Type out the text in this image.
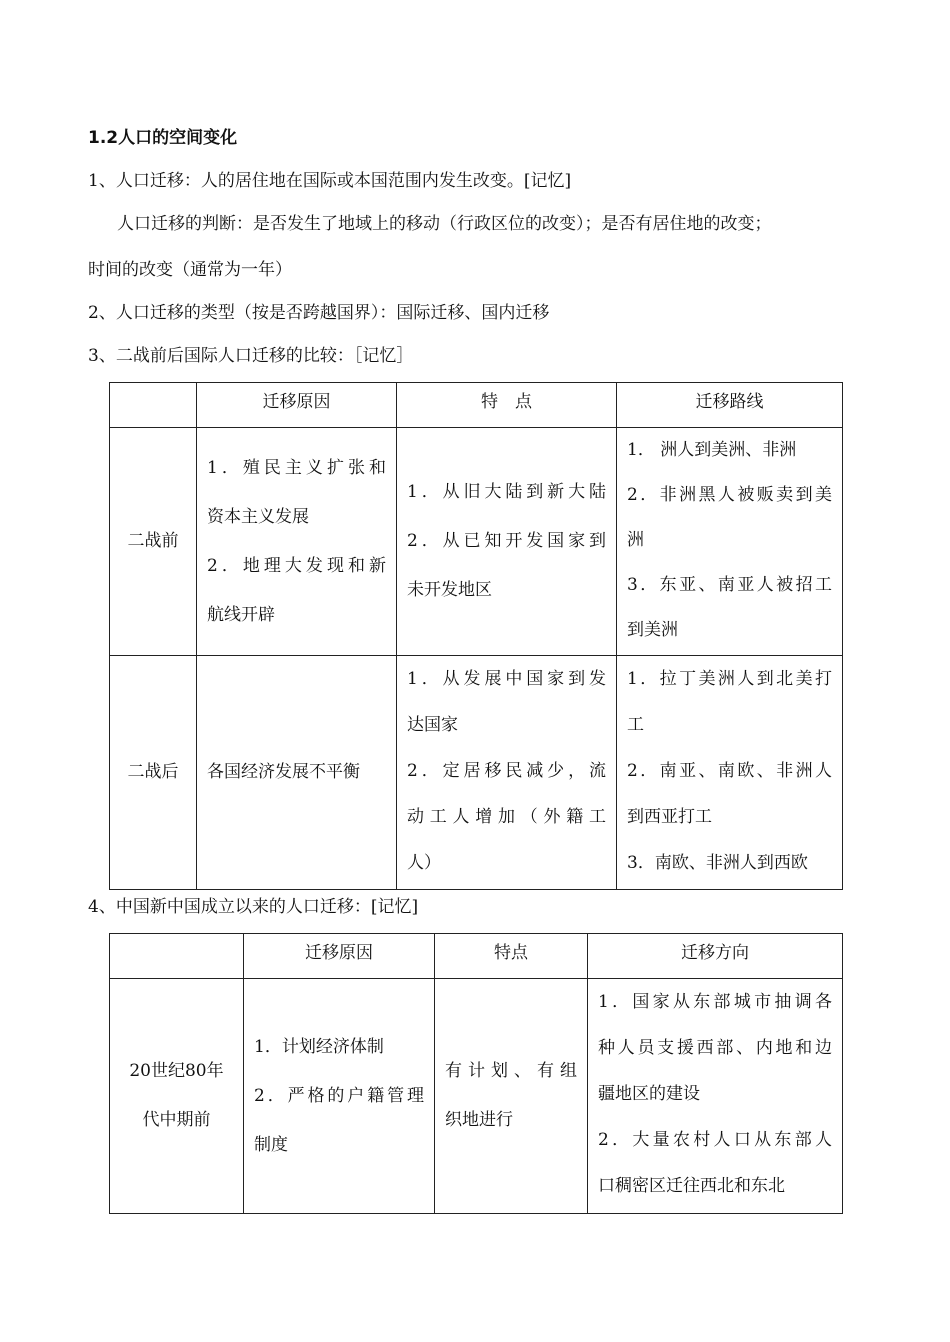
1.2人口的空间变化
1、人口迁移：人的居住地在国际或本国范围内发生改变。[记忆]
人口迁移的判断：是否发生了地域上的移动（行政区位的改变）；是否有居住地的改变；
时间的改变（通常为一年）
2、人口迁移的类型（按是否跨越国界）：国际迁移、国内迁移
3、二战前后国际人口迁移的比较：［记忆］
	迁移原因	特　点	迁移路线
二战前	1．殖民主义扩张和
资本主义发展
2．地理大发现和新
航线开辟	1．从旧大陆到新大陆
2．从已知开发国家到
未开发地区	1． 洲人到美洲、非洲
2．非洲黑人被贩卖到美
洲
3．东亚、南亚人被招工
到美洲

二战后	各国经济发展不平衡	1．从发展中国家到发
达国家
2．定居移民减少，流
动工人增加（外籍工
人）	1．拉丁美洲人到北美打
工
2．南亚、南欧、非洲人
到西亚打工
3．南欧、非洲人到西欧
4、中国新中国成立以来的人口迁移：[记忆]
	迁移原因	特点	迁移方向

20世纪80年
代中期前	1．计划经济体制
2．严格的户籍管理
制度	有计划、有组
织地进行	1．国家从东部城市抽调各
种人员支援西部、内地和边
疆地区的建设
2．大量农村人口从东部人
口稠密区迁往西北和东北
